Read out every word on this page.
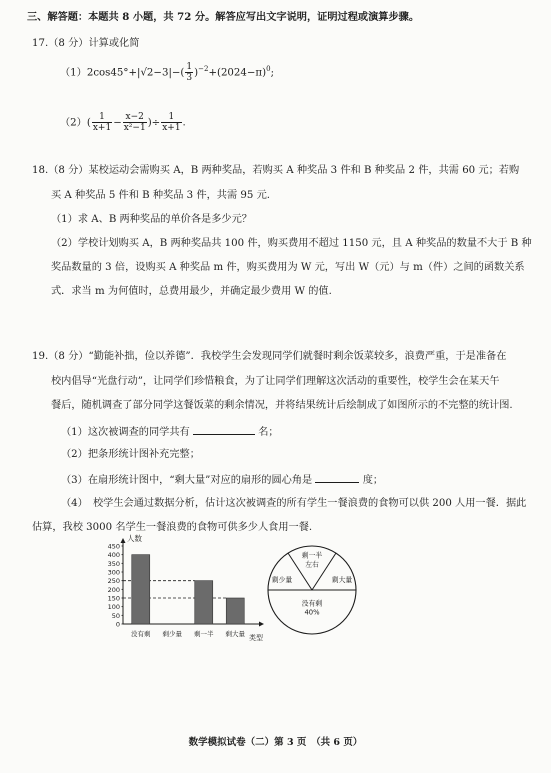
三、解答题：本题共 8 小题，共 72 分。解答应写出文字说明，证明过程或演算步骤。
17.（8 分）计算或化简
$(1)2\cos 45^\circ+|√2-3|-( \frac{1}{3} )^{-2}+(2024-\pi)^0$;
$(2)( \frac{1}{x+1} - \frac{x-2}{\text{x²−1}}$ )÷ $\frac{1}{x+1}$ .
18.（8 分）某校运动会需购买 A，B 两种奖品，若购买 A 种奖品 3 件和 B 种奖品 2 件，共需 60 元；若购
买 A 种奖品 5 件和 B 种奖品 3 件，共需 95 元.
（1）求 A、B 两种奖品的单价各是多少元？
（2）学校计划购买 A，B 两种奖品共 100 件，购买费用不超过 1150 元，且 A 种奖品的数量不大于 B 种
奖品数量的 3 倍，设购买 A 种奖品 m 件，购买费用为 W 元，写出 W（元）与 m（件）之间的函数关系
式．求当 m 为何值时，总费用最少，并确定最少费用 W 的值.
19.（8 分）“勤能补拙，俭以养德”．我校学生会发现同学们就餐时剩余饭菜较多，浪费严重，于是准备在
校内倡导“光盘行动”，让同学们珍惜粮食，为了让同学们理解这次活动的重要性，校学生会在某天午
餐后，随机调查了部分同学这餐饭菜的剩余情况，并将结果统计后绘制成了如图所示的不完整的统计图.
（1）这次被调查的同学共有	名；
（2）把条形统计图补充完整；
（3）在扇形统计图中，“剩大量”对应的扇形的圆心角是	度；
（4）　校学生会通过数据分析，估计这次被调查的所有学生一餐浪费的食物可以供 200 人用一餐．据此
估算，我校 3000 名学生一餐浪费的食物可供多少人食用一餐.
450
400
350
300
250
200
150
100
50
0
没有剩 剩少量 剩一半 剩大量
人数
类型
剩一半
左右
剩少量	剩大量
没有剩
40%
数学模拟试卷（二）第 3 页　（共 6 页）
